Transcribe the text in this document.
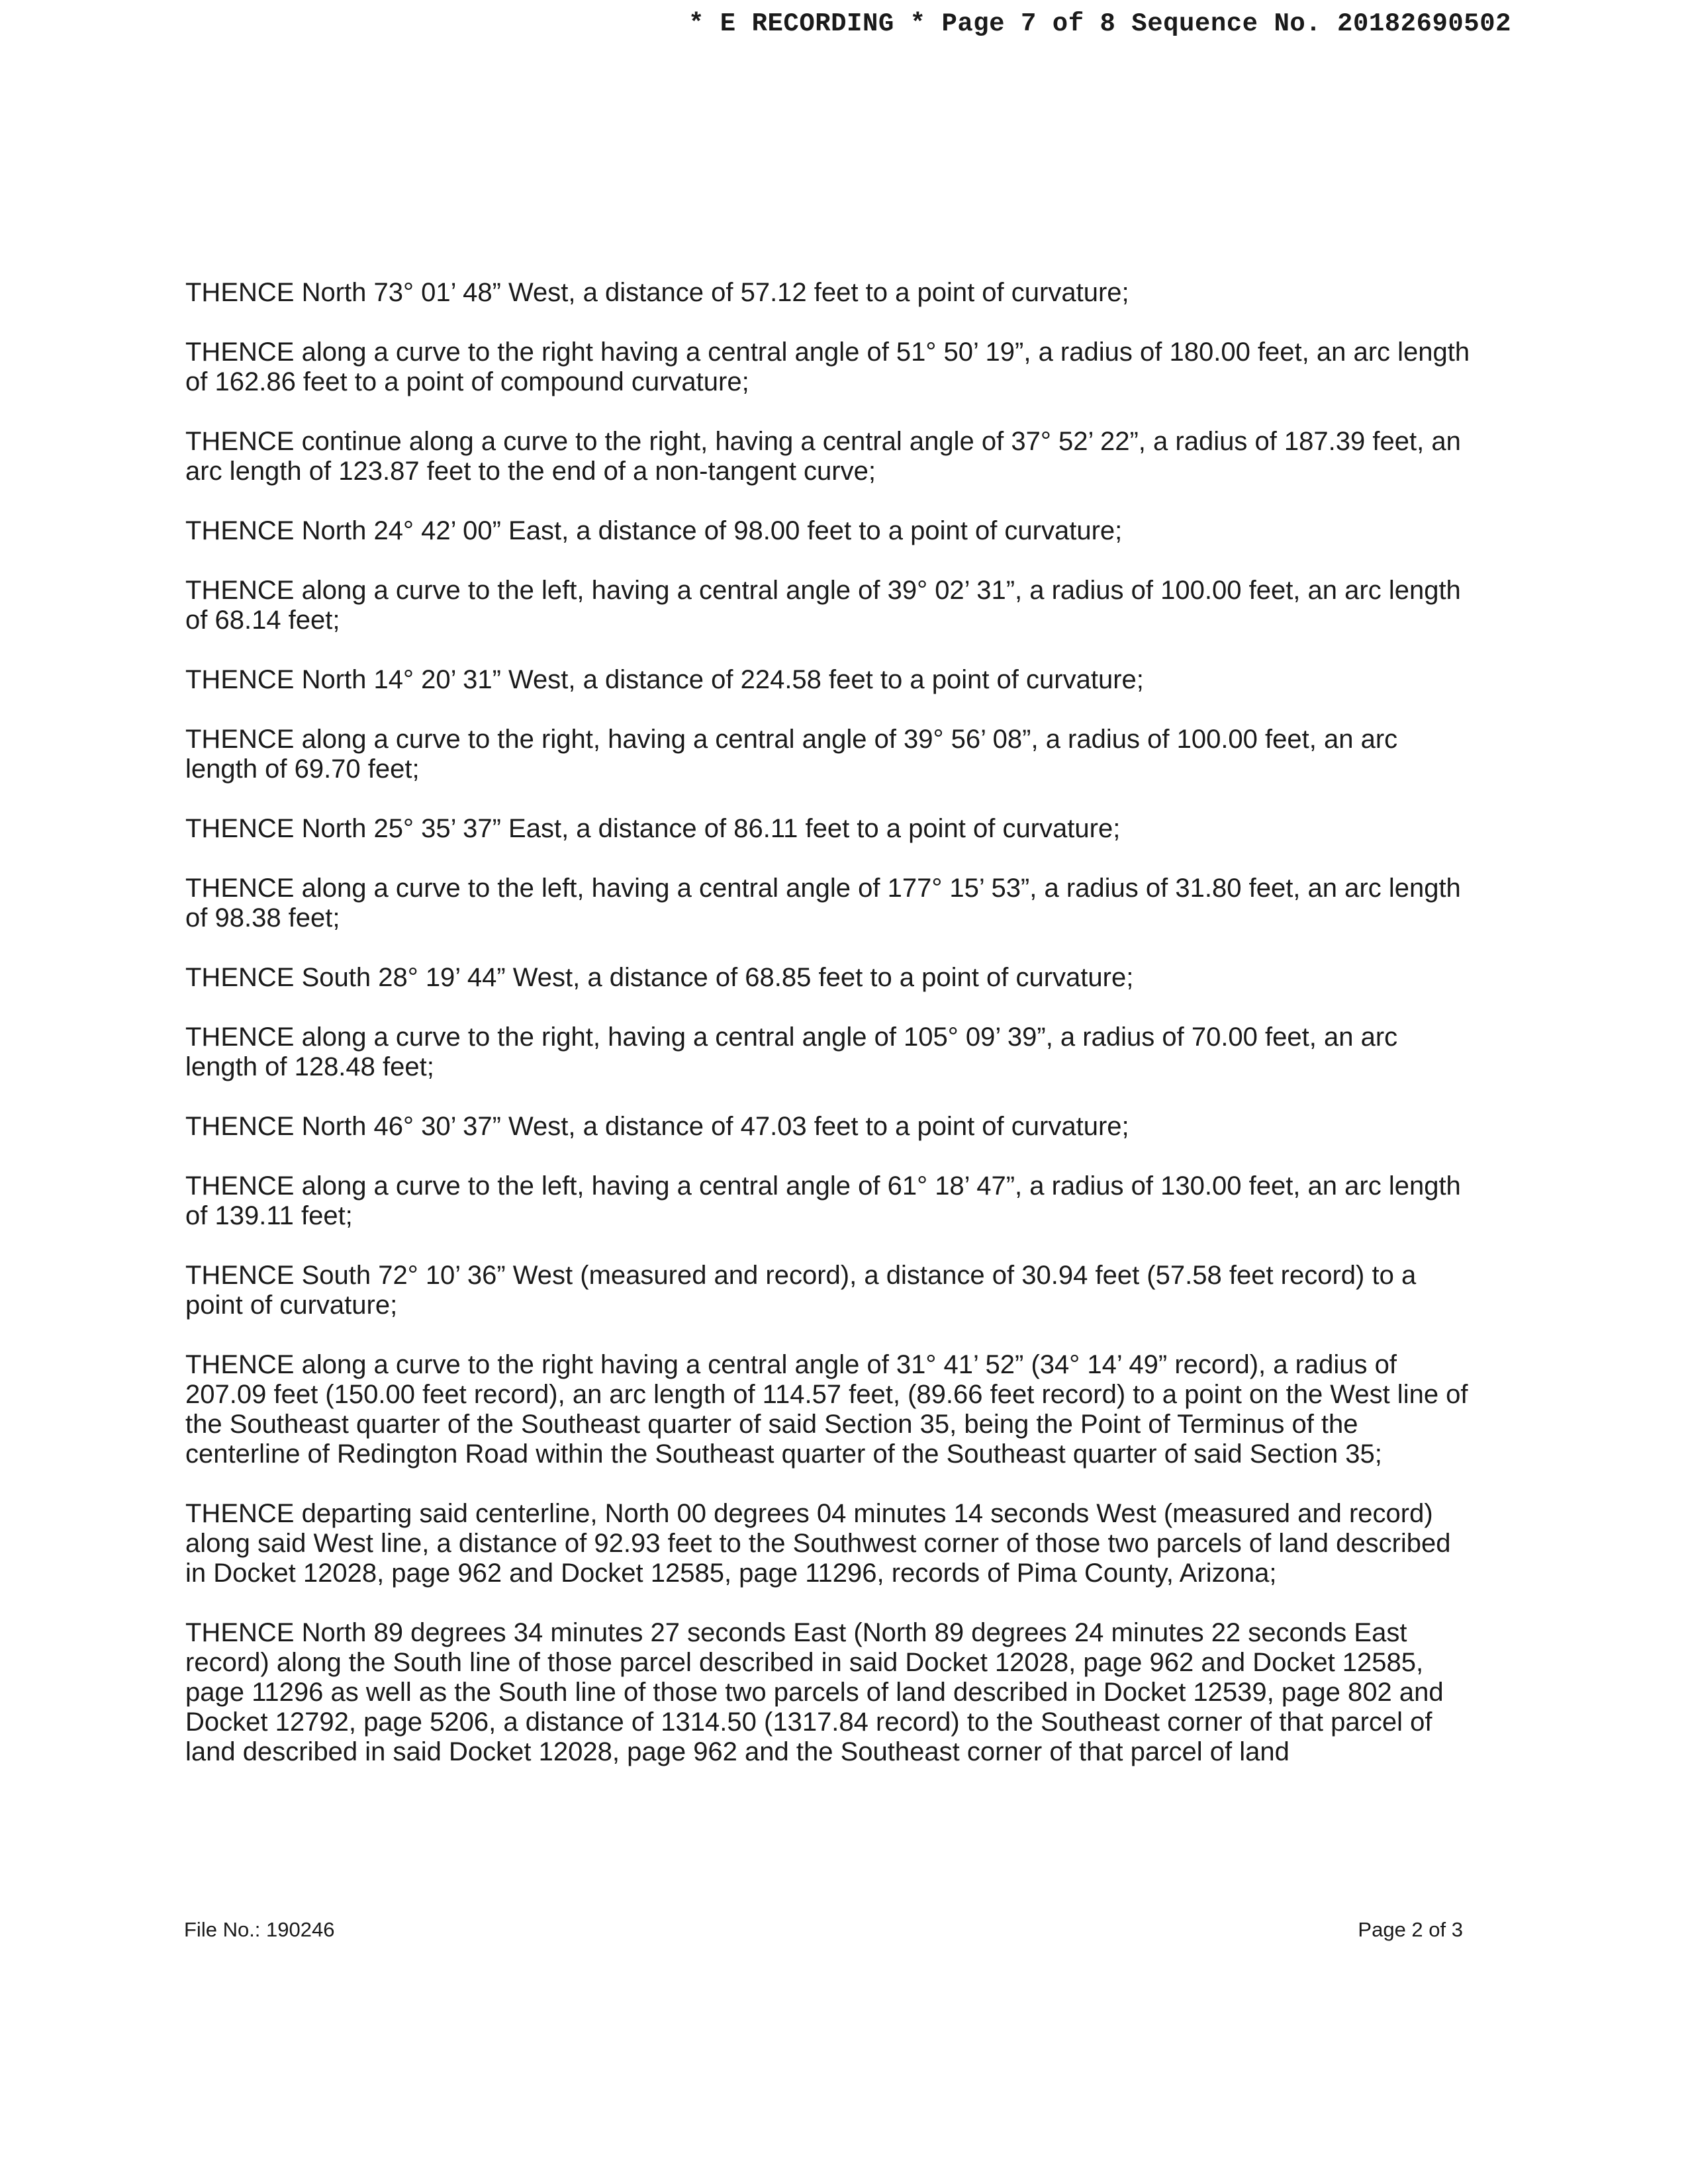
* E RECORDING * Page 7 of 8 Sequence No. 20182690502

THENCE North 73° 01’ 48” West, a distance of 57.12 feet to a point of curvature;

THENCE along a curve to the right having a central angle of 51° 50’ 19”, a radius of 180.00 feet, an arc length of 162.86 feet to a point of compound curvature;

THENCE continue along a curve to the right, having a central angle of 37° 52’ 22”, a radius of 187.39 feet, an arc length of 123.87 feet to the end of a non-tangent curve;

THENCE North 24° 42’ 00” East, a distance of 98.00 feet to a point of curvature;

THENCE along a curve to the left, having a central angle of 39° 02’ 31”, a radius of 100.00 feet, an arc length of 68.14 feet;

THENCE North 14° 20’ 31” West, a distance of 224.58 feet to a point of curvature;

THENCE along a curve to the right, having a central angle of 39° 56’ 08”, a radius of 100.00 feet, an arc length of 69.70 feet;

THENCE North 25° 35’ 37” East, a distance of 86.11 feet to a point of curvature;

THENCE along a curve to the left, having a central angle of 177° 15’ 53”, a radius of 31.80 feet, an arc length of 98.38 feet;

THENCE South 28° 19’ 44” West, a distance of 68.85 feet to a point of curvature;

THENCE along a curve to the right, having a central angle of 105° 09’ 39”, a radius of 70.00 feet, an arc length of 128.48 feet;

THENCE North 46° 30’ 37” West, a distance of 47.03 feet to a point of curvature;

THENCE along a curve to the left, having a central angle of 61° 18’ 47”, a radius of 130.00 feet, an arc length of 139.11 feet;

THENCE South 72° 10’ 36” West (measured and record), a distance of 30.94 feet (57.58 feet record) to a point of curvature;

THENCE along a curve to the right having a central angle of 31° 41’ 52” (34° 14’ 49” record), a radius of 207.09 feet (150.00 feet record), an arc length of 114.57 feet, (89.66 feet record) to a point on the West line of the Southeast quarter of the Southeast quarter of said Section 35, being the Point of Terminus of the centerline of Redington Road within the Southeast quarter of the Southeast quarter of said Section 35;

THENCE departing said centerline, North 00 degrees 04 minutes 14 seconds West (measured and record) along said West line, a distance of 92.93 feet to the Southwest corner of those two parcels of land described in Docket 12028, page 962 and Docket 12585, page 11296, records of Pima County, Arizona;

THENCE North 89 degrees 34 minutes 27 seconds East (North 89 degrees 24 minutes 22 seconds East record) along the South line of those parcel described in said Docket 12028, page 962 and Docket 12585, page 11296 as well as the South line of those two parcels of land described in Docket 12539, page 802 and Docket 12792, page 5206, a distance of 1314.50 (1317.84 record) to the Southeast corner of that parcel of land described in said Docket 12028, page 962 and the Southeast corner of that parcel of land

File No.: 190246	Page 2 of 3
